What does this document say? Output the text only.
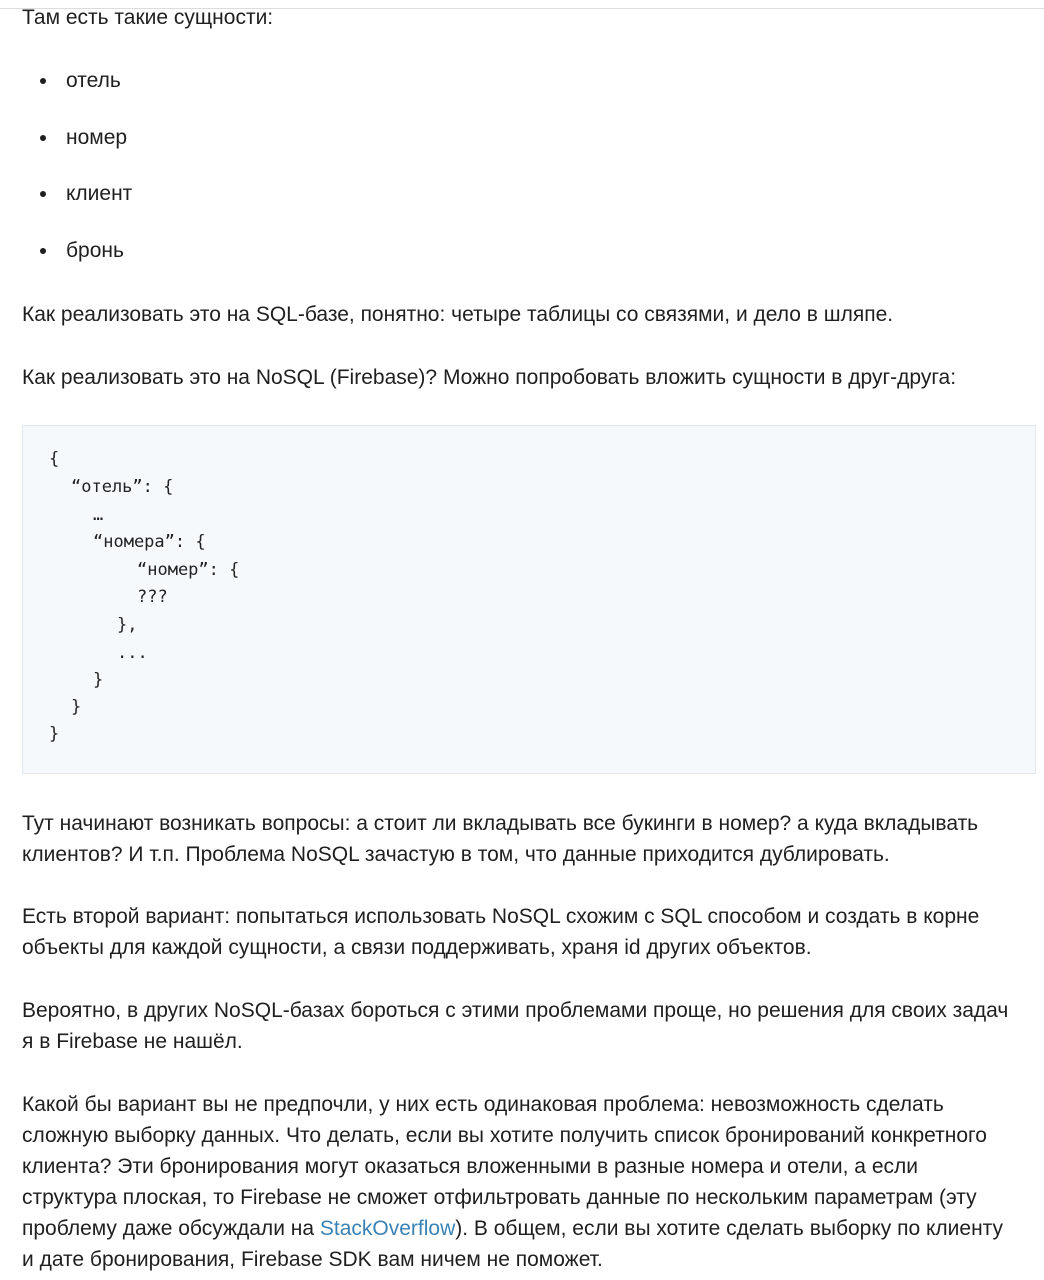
Там есть такие сущности:

отель
номер
клиент
бронь

Как реализовать это на SQL-базе, понятно: четыре таблицы со связями, и дело в шляпе.

Как реализовать это на NoSQL (Firebase)? Можно попробовать вложить сущности в друг-друга:

{
“отель”: {
…
“номера”: {
“номер”: {
???
},
...
}
}
}

Тут начинают возникать вопросы: а стоит ли вкладывать все букинги в номер? а куда вкладывать

клиентов? И т.п. Проблема NoSQL зачастую в том, что данные приходится дублировать.

Есть второй вариант: попытаться использовать NoSQL схожим с SQL способом и создать в корне

объекты для каждой сущности, а связи поддерживать, храня id других объектов.

Вероятно, в других NoSQL-базах бороться с этими проблемами проще, но решения для своих задач

я в Firebase не нашёл.

Какой бы вариант вы не предпочли, у них есть одинаковая проблема: невозможность сделать

сложную выборку данных. Что делать, если вы хотите получить список бронирований конкретного

клиента? Эти бронирования могут оказаться вложенными в разные номера и отели, а если

структура плоская, то Firebase не сможет отфильтровать данные по нескольким параметрам (эту

проблему даже обсуждали на StackOverflow). В общем, если вы хотите сделать выборку по клиенту

и дате бронирования, Firebase SDK вам ничем не поможет.
